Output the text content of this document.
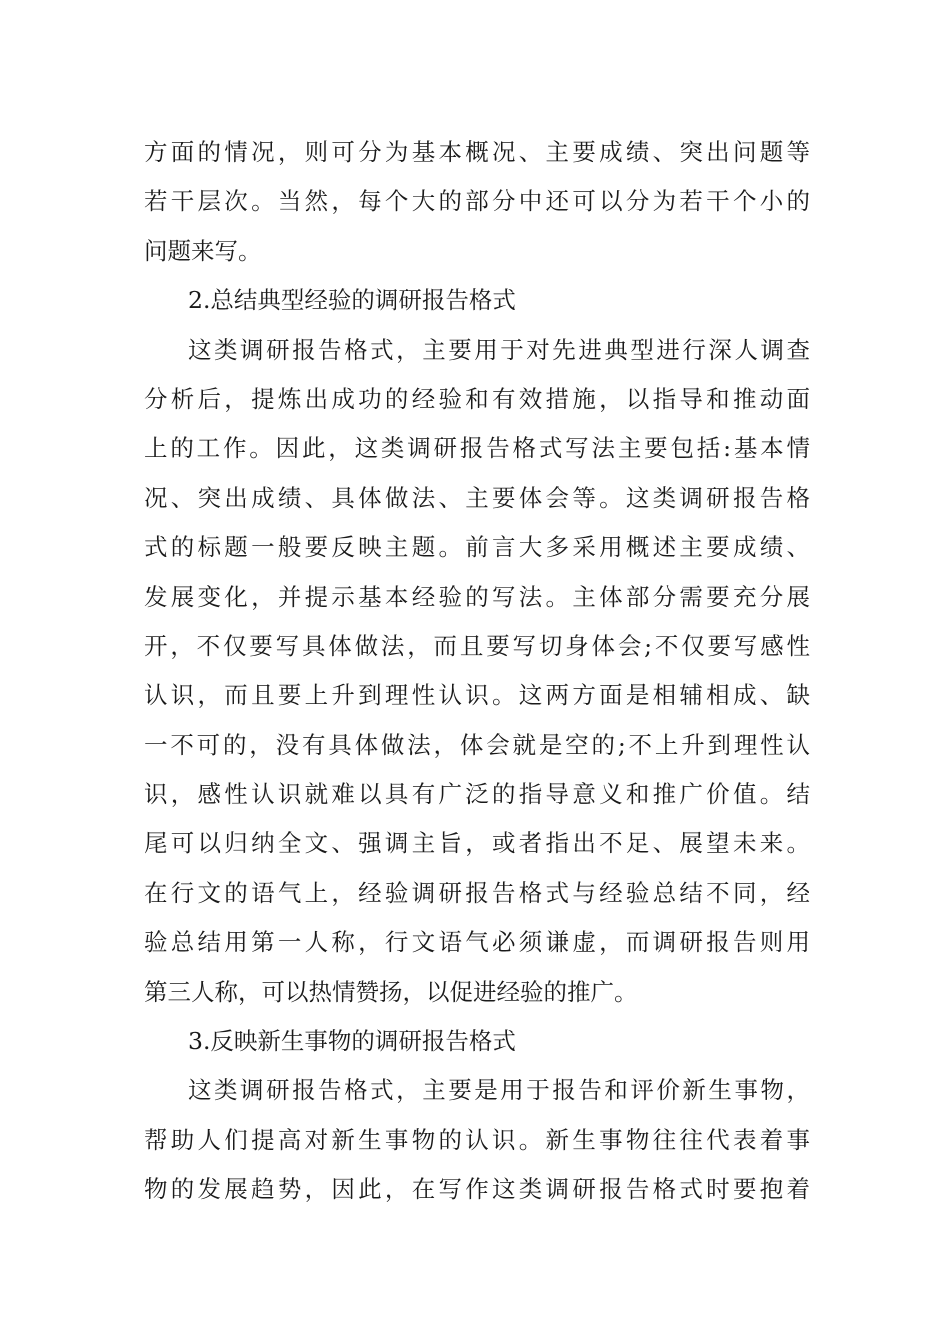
方面的情况，则可分为基本概况、主要成绩、突出问题等
若干层次。当然，每个大的部分中还可以分为若干个小的
问题来写。
2.总结典型经验的调研报告格式
这类调研报告格式，主要用于对先进典型进行深人调查
分析后，提炼出成功的经验和有效措施，以指导和推动面
上的工作。因此，这类调研报告格式写法主要包括:基本情
况、突出成绩、具体做法、主要体会等。这类调研报告格
式的标题一般要反映主题。前言大多采用概述主要成绩、
发展变化，并提示基本经验的写法。主体部分需要充分展
开，不仅要写具体做法，而且要写切身体会;不仅要写感性
认识，而且要上升到理性认识。这两方面是相辅相成、缺
一不可的，没有具体做法，体会就是空的;不上升到理性认
识，感性认识就难以具有广泛的指导意义和推广价值。结
尾可以归纳全文、强调主旨，或者指出不足、展望未来。
在行文的语气上，经验调研报告格式与经验总结不同，经
验总结用第一人称，行文语气必须谦虚，而调研报告则用
第三人称，可以热情赞扬，以促进经验的推广。
3.反映新生事物的调研报告格式
这类调研报告格式，主要是用于报告和评价新生事物，
帮助人们提高对新生事物的认识。新生事物往往代表着事
物的发展趋势，因此，在写作这类调研报告格式时要抱着
